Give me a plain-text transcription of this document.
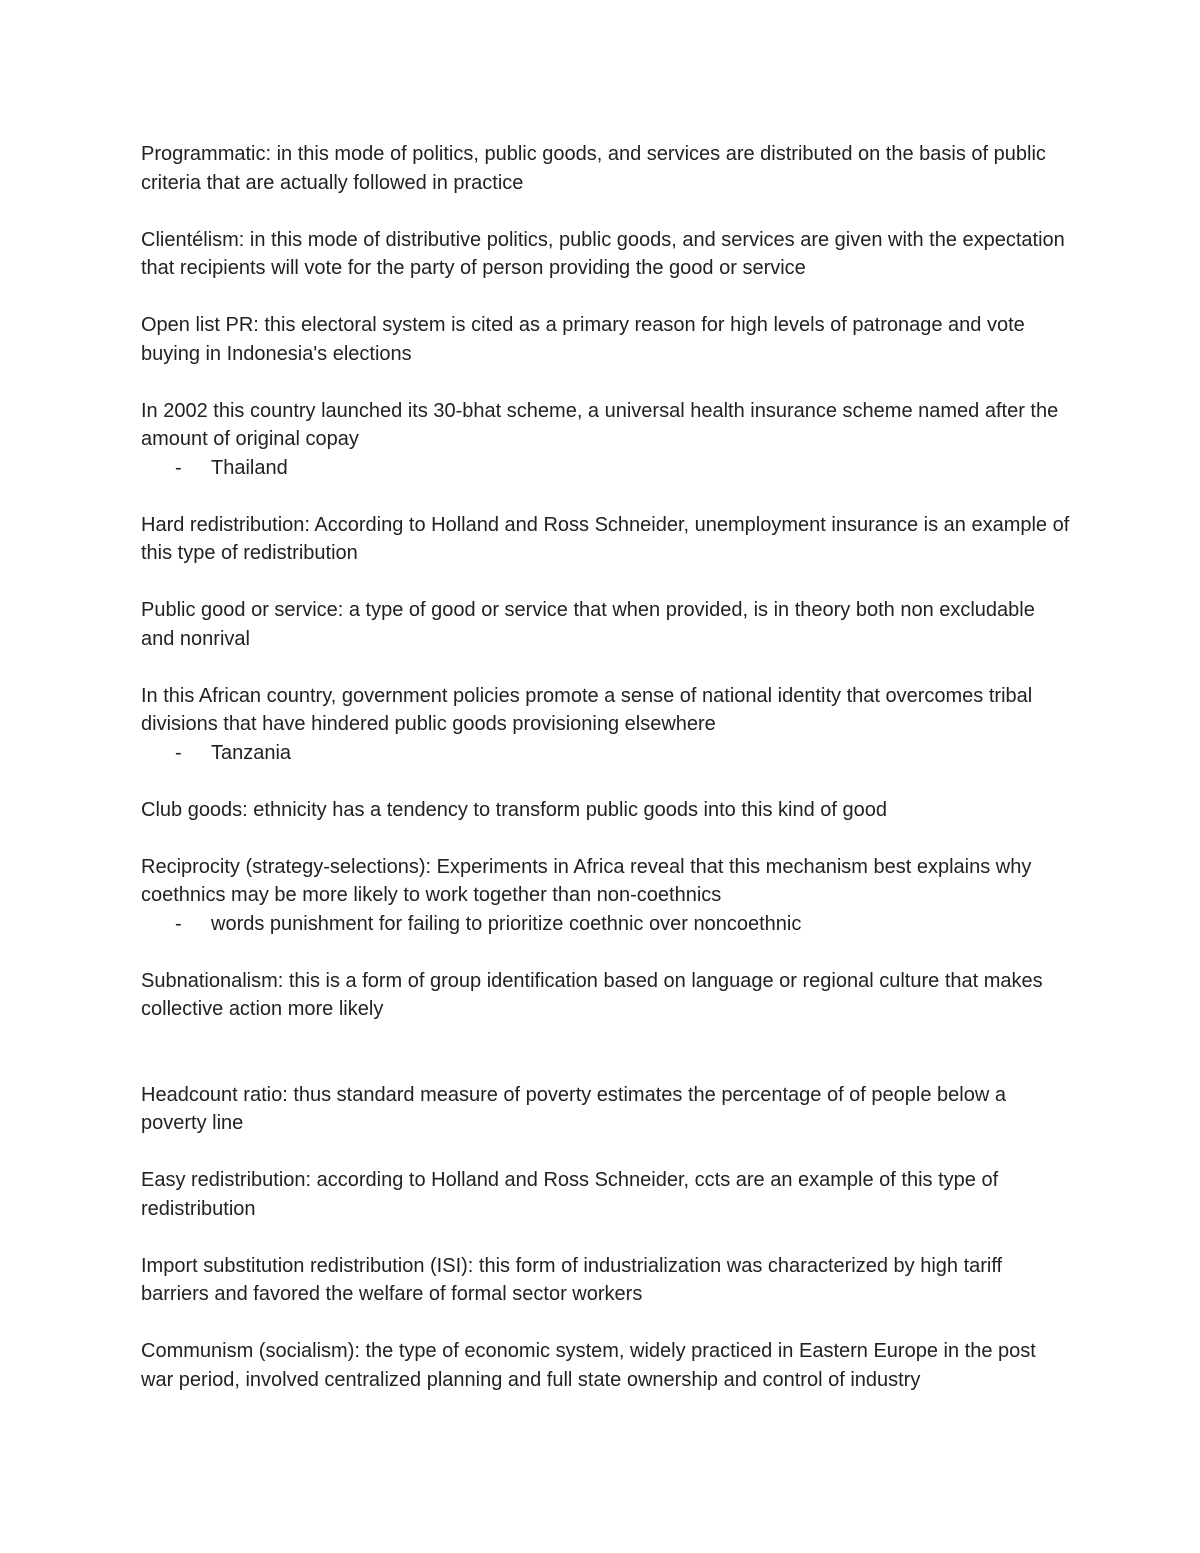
Programmatic: in this mode of politics, public goods, and services are distributed on the basis of public criteria that are actually followed in practice

Clientélism: in this mode of distributive politics, public goods, and services are given with the expectation that recipients will vote for the party of person providing the good or service

Open list PR: this electoral system is cited as a primary reason for high levels of patronage and vote buying in Indonesia's elections

In 2002 this country launched its 30-bhat scheme, a universal health insurance scheme named after the amount of original copay

- Thailand

Hard redistribution: According to Holland and Ross Schneider, unemployment insurance is an example of this type of redistribution

Public good or service: a type of good or service that when provided, is in theory both non excludable and nonrival

In this African country, government policies promote a sense of national identity that overcomes tribal divisions that have hindered public goods provisioning elsewhere

- Tanzania

Club goods: ethnicity has a tendency to transform public goods into this kind of good

Reciprocity (strategy-selections): Experiments in Africa reveal that this mechanism best explains why coethnics may be more likely to work together than non-coethnics

- words punishment for failing to prioritize coethnic over noncoethnic

Subnationalism: this is a form of group identification based on language or regional culture that makes collective action more likely

Headcount ratio: thus standard measure of poverty estimates the percentage of of people below a poverty line

Easy redistribution: according to Holland and Ross Schneider, ccts are an example of this type of redistribution

Import substitution redistribution (ISI): this form of industrialization was characterized by high tariff barriers and favored the welfare of formal sector workers

Communism (socialism): the type of economic system, widely practiced in Eastern Europe in the post war period, involved centralized planning and full state ownership and control of industry
